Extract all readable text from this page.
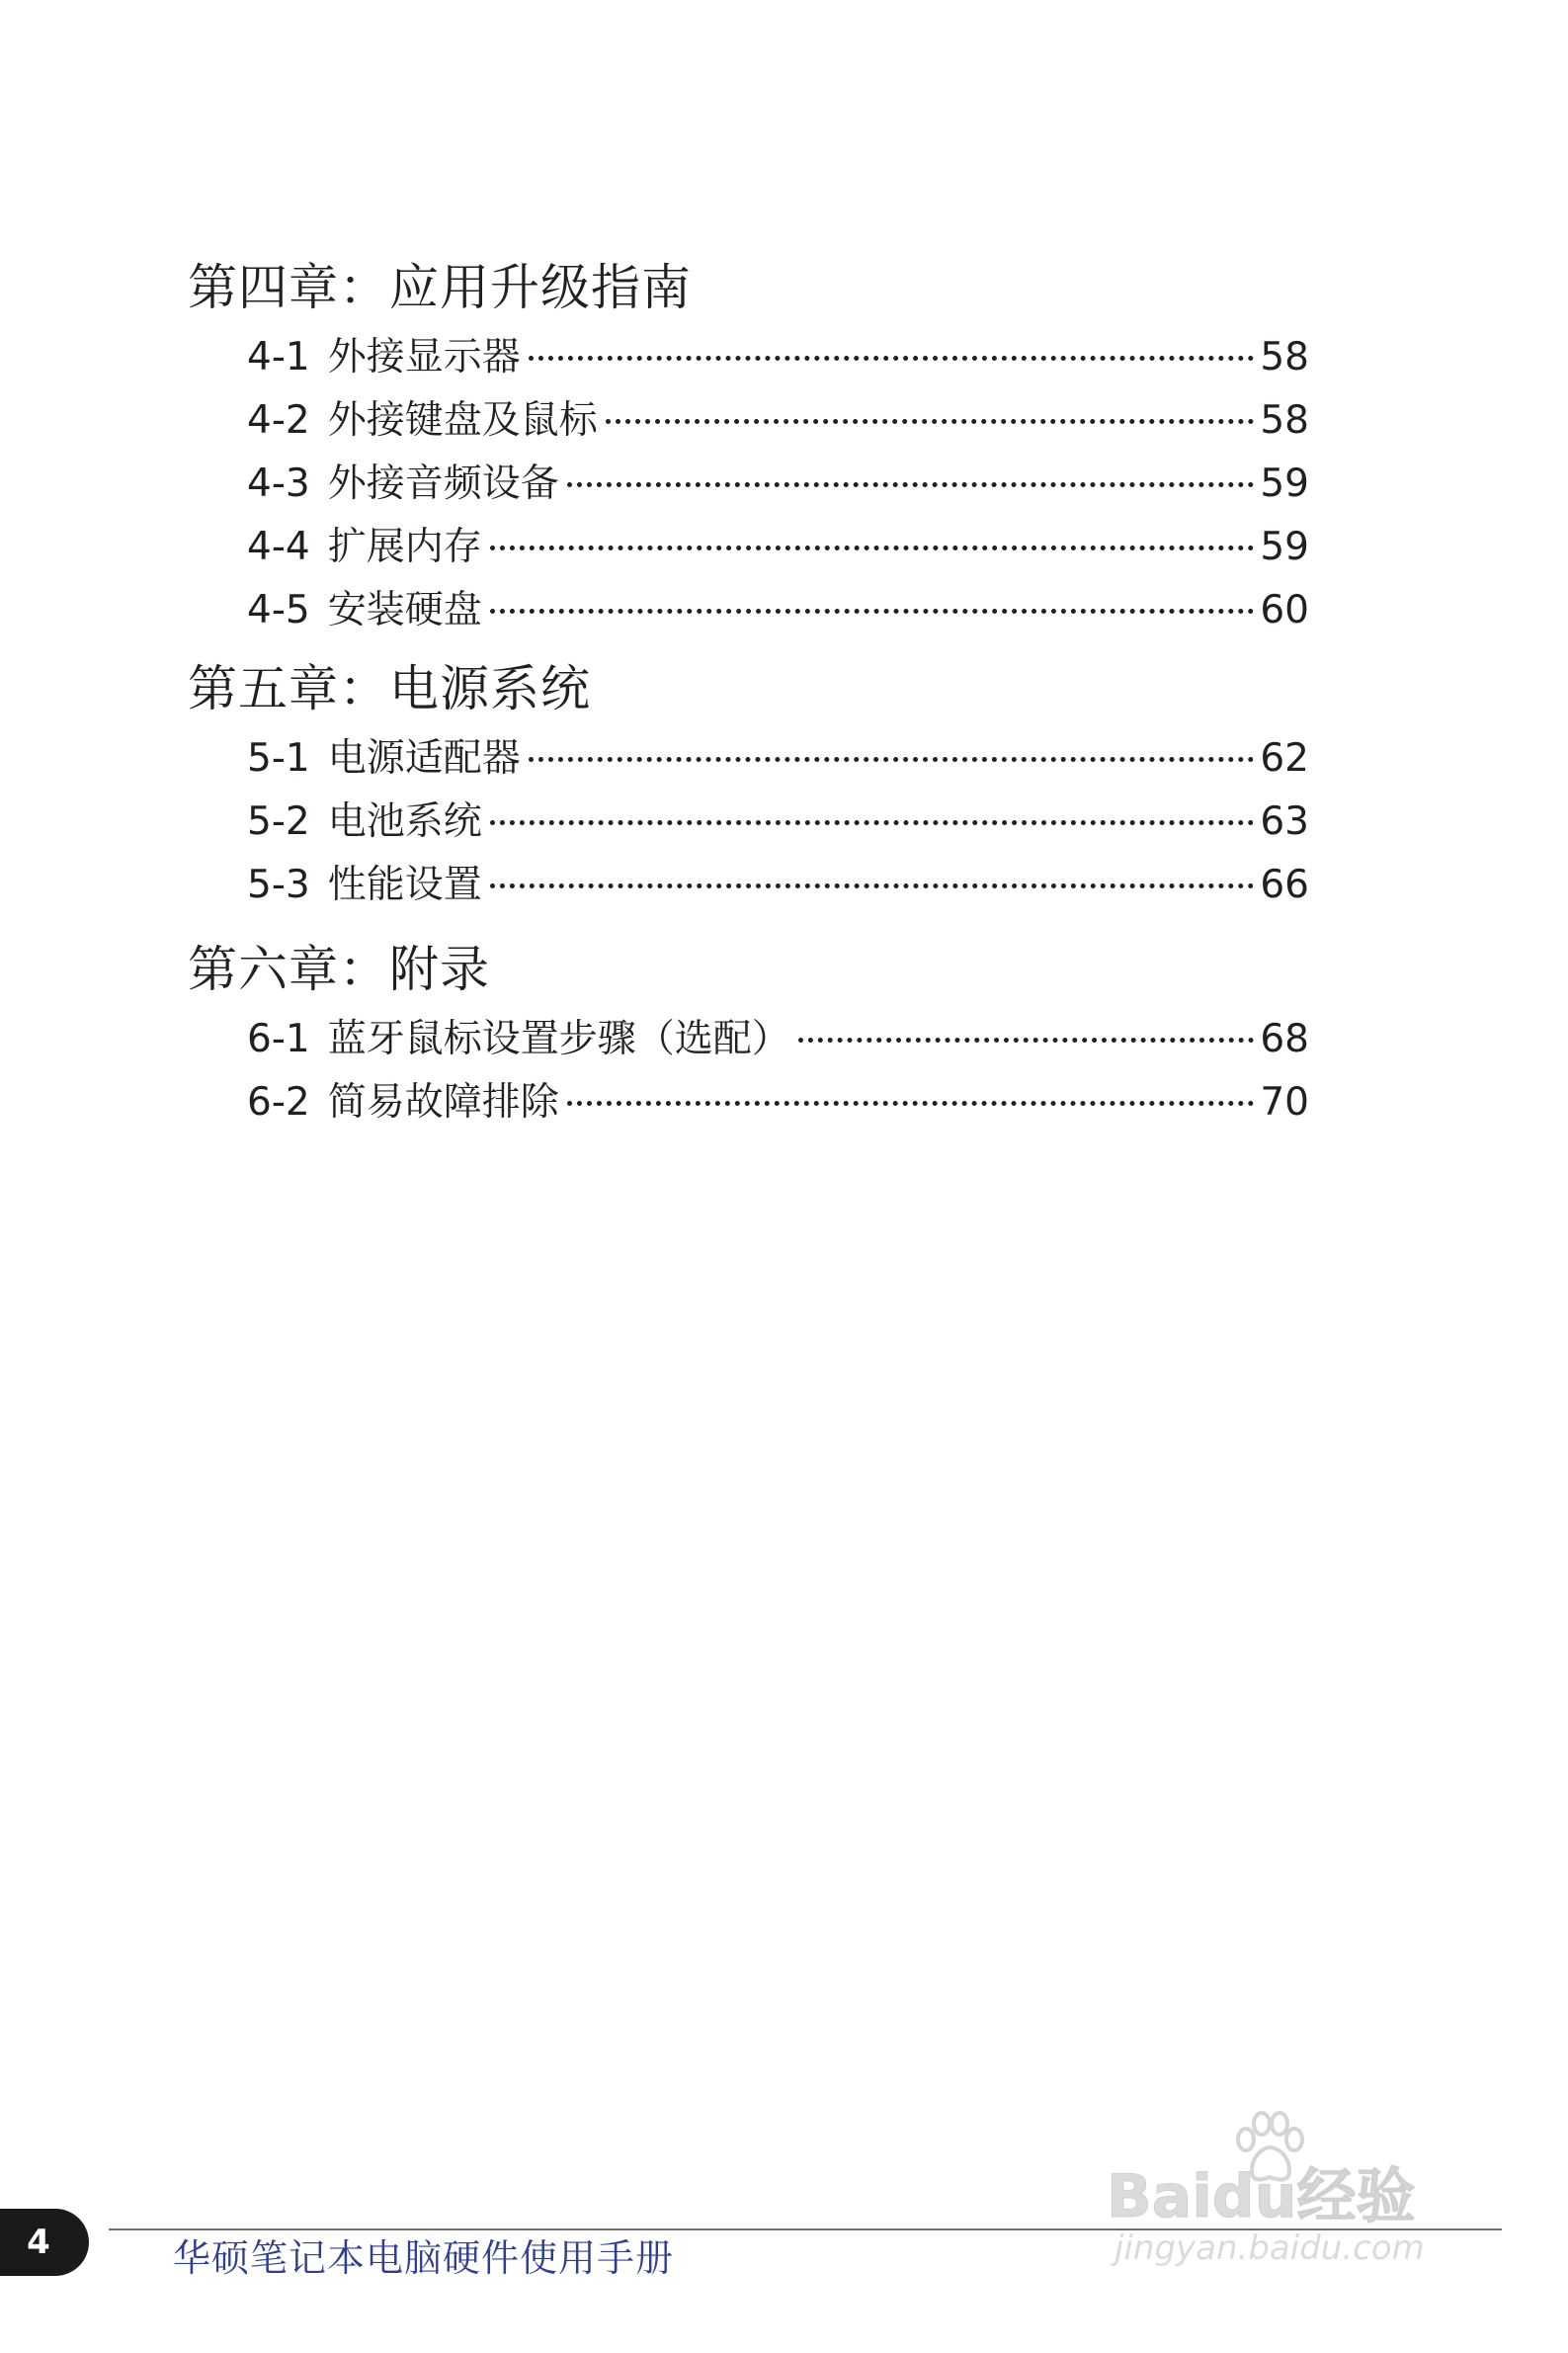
第四章：应用升级指南
4-1 外接显示器	58
4-2 外接键盘及鼠标	58
4-3 外接音频设备	59
4-4 扩展内存	59
4-5 安装硬盘	60
第五章：电源系统
5-1 电源适配器	62
5-2 电池系统	63
5-3 性能设置	66
第六章：附录
6-1 蓝牙鼠标设置步骤（选配）	68
6-2 简易故障排除	70
4	华硕笔记本电脑硬件使用手册
Baidu经验
jingyan.baidu.com
